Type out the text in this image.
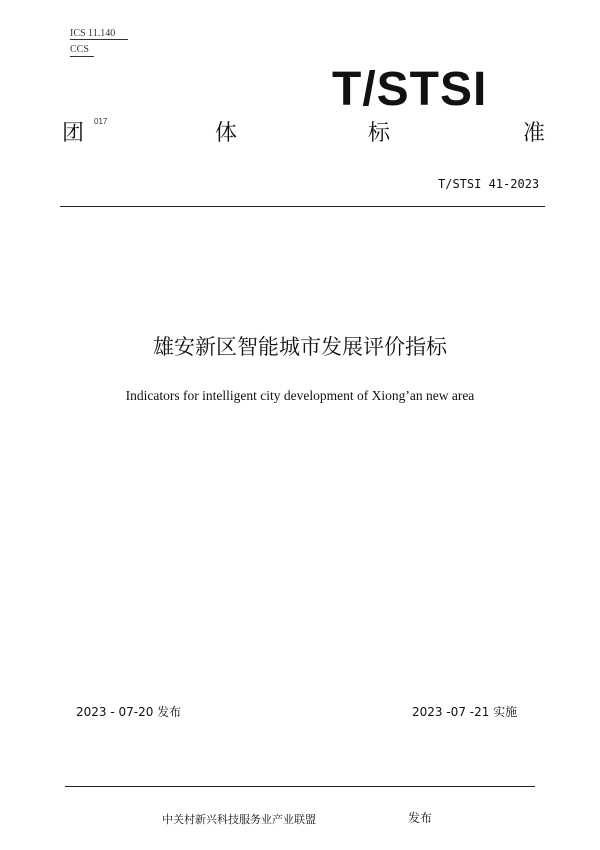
ICS 11.140
CCS
T/STSI
团 017	体	标	准
T/STSI 41-2023
雄安新区智能城市发展评价指标
Indicators for intelligent city development of Xiong’an new area
2023 - 07-20 发布	2023 -07 -21 实施
中关村新兴科技服务业产业联盟	发布
